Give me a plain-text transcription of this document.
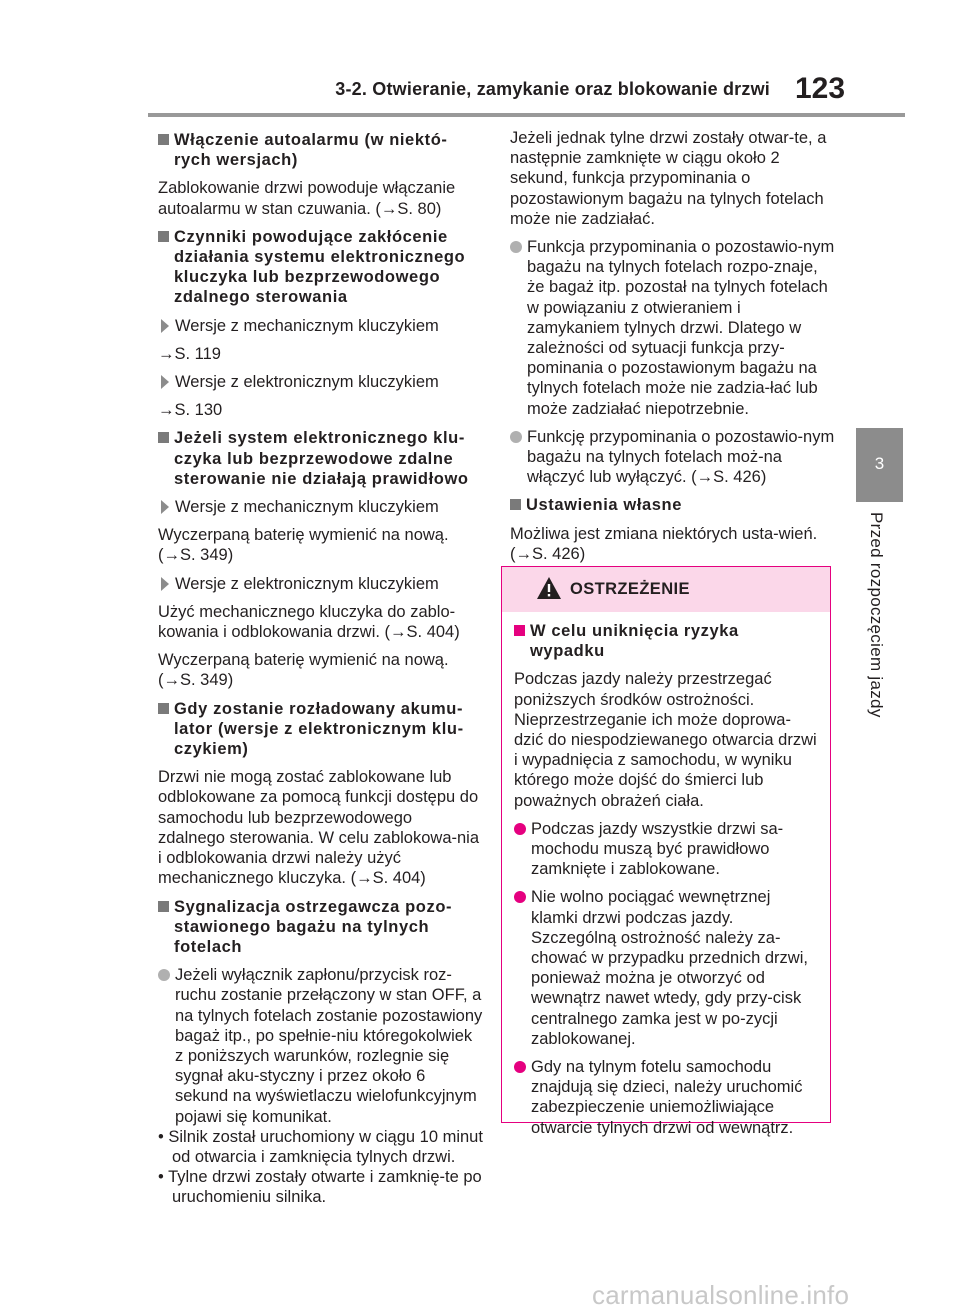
3-2. Otwieranie, zamykanie oraz blokowanie drzwi 123
3
Przed rozpoczęciem jazdy
Włączenie autoalarmu (w niektó-rych wersjach)

Zablokowanie drzwi powoduje włączanie autoalarmu w stan czuwania. (→S. 80)

Czynniki powodujące zakłócenie działania systemu elektronicznego kluczyka lub bezprzewodowego zdalnego sterowania
Wersje z mechanicznym kluczykiem

→S. 119

Wersje z elektronicznym kluczykiem

→S. 130

Jeżeli system elektronicznego klu-czyka lub bezprzewodowe zdalne sterowanie nie działają prawidłowo
Wersje z mechanicznym kluczykiem

Wyczerpaną baterię wymienić na nową. (→S. 349)

Wersje z elektronicznym kluczykiem

Użyć mechanicznego kluczyka do zablo-kowania i odblokowania drzwi. (→S. 404)

Wyczerpaną baterię wymienić na nową. (→S. 349)

Gdy zostanie rozładowany akumu-lator (wersje z elektronicznym klu-czykiem)

Drzwi nie mogą zostać zablokowane lub odblokowane za pomocą funkcji dostępu do samochodu lub bezprzewodowego zdalnego sterowania. W celu zablokowa-nia i odblokowania drzwi należy użyć mechanicznego kluczyka. (→S. 404)

Sygnalizacja ostrzegawcza pozo-stawionego bagażu na tylnych fotelach
Jeżeli wyłącznik zapłonu/przycisk roz-ruchu zostanie przełączony w stan OFF, a na tylnych fotelach zostanie pozostawiony bagaż itp., po spełnie-niu któregokolwiek z poniższych warunków, rozlegnie się sygnał aku-styczny i przez około 6 sekund na wyświetlaczu wielofunkcyjnym pojawi się komunikat.

• Silnik został uruchomiony w ciągu 10 minut od otwarcia i zamknięcia tylnych drzwi.

• Tylne drzwi zostały otwarte i zamknię-te po uruchomieniu silnika.

Jeżeli jednak tylne drzwi zostały otwar-te, a następnie zamknięte w ciągu około 2 sekund, funkcja przypominania o pozostawionym bagażu na tylnych fotelach może nie zadziałać.

Funkcja przypominania o pozostawio-nym bagażu na tylnych fotelach rozpo-znaje, że bagaż itp. pozostał na tylnych fotelach w powiązaniu z otwieraniem i zamykaniem tylnych drzwi. Dlatego w zależności od sytuacji funkcja przy-pominania o pozostawionym bagażu na tylnych fotelach może nie zadzia-łać lub może zadziałać niepotrzebnie.
Funkcję przypominania o pozostawio-nym bagażu na tylnych fotelach moż-na włączyć lub wyłączyć. (→S. 426)
Ustawienia własne

Możliwa jest zmiana niektórych usta-wień. (→S. 426)

OSTRZEŻENIE
W celu uniknięcia ryzyka wypadku

Podczas jazdy należy przestrzegać poniższych środków ostrożności. Nieprzestrzeganie ich może doprowa-dzić do niespodziewanego otwarcia drzwi i wypadnięcia z samochodu, w wyniku którego może dojść do śmierci lub poważnych obrażeń ciała.

Podczas jazdy wszystkie drzwi sa-mochodu muszą być prawidłowo zamknięte i zablokowane.
Nie wolno pociągać wewnętrznej klamki drzwi podczas jazdy. Szczególną ostrożność należy za-chować w przypadku przednich drzwi, ponieważ można je otworzyć od wewnątrz nawet wtedy, gdy przy-cisk centralnego zamka jest w po-zycji zablokowanej.
Gdy na tylnym fotelu samochodu znajdują się dzieci, należy uruchomić zabezpieczenie uniemożliwiające otwarcie tylnych drzwi od wewnątrz.
carmanualsonline.info
